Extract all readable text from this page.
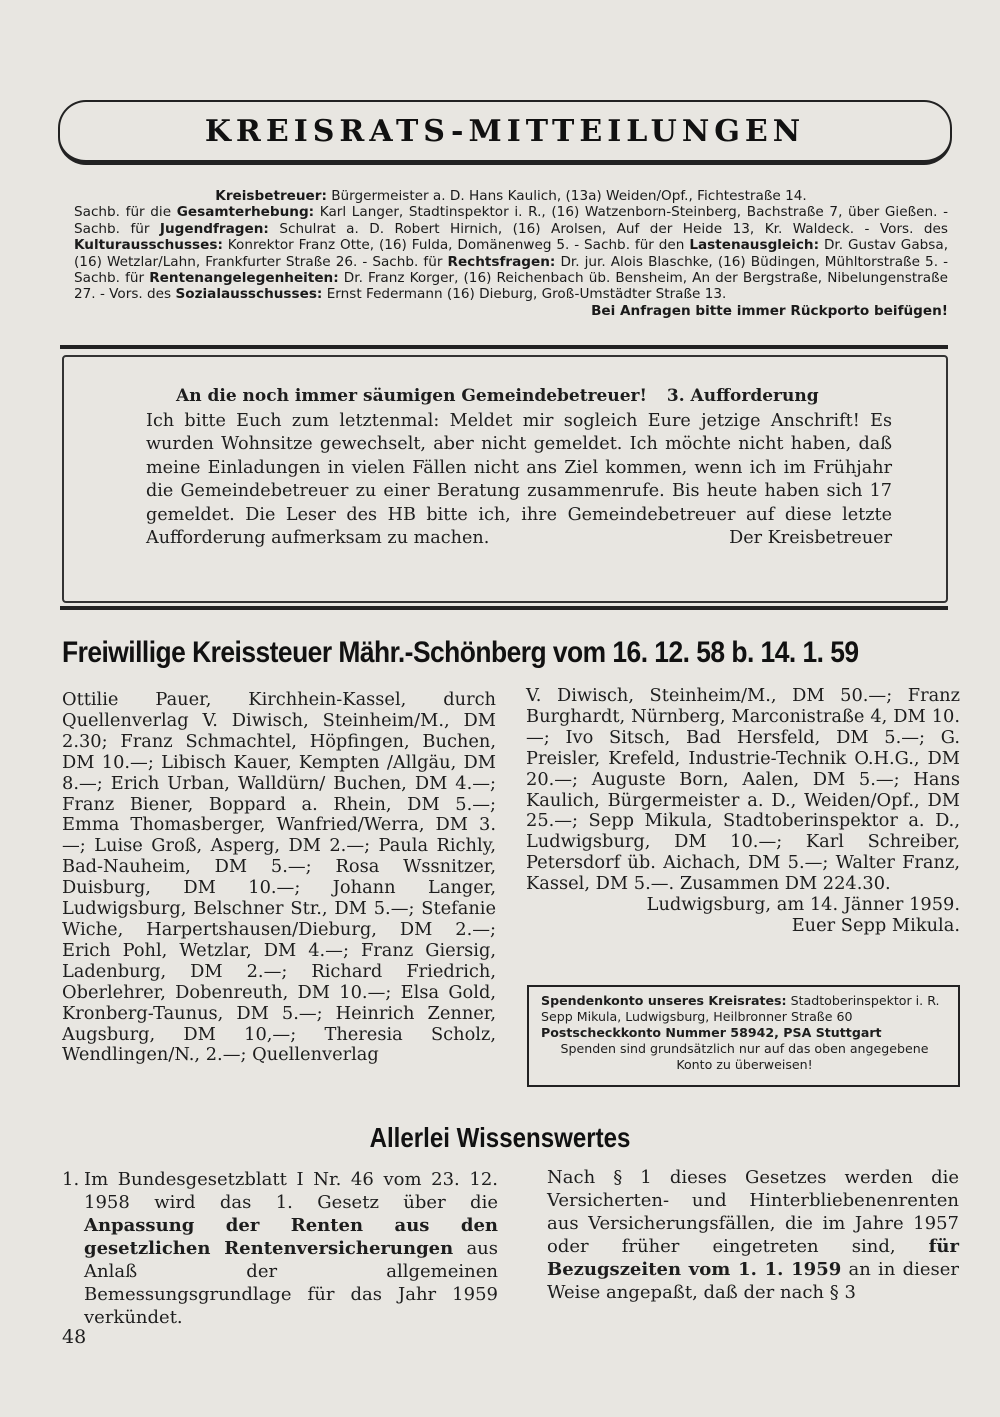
KREISRATS-MITTEILUNGEN
Kreisbetreuer: Bürgermeister a. D. Hans Kaulich, (13a) Weiden/Opf., Fichtestraße 14.
Sachb. für die Gesamterhebung: Karl Langer, Stadtinspektor i. R., (16) Watzenborn-Steinberg, Bachstraße 7, über Gießen. - Sachb. für Jugendfragen: Schulrat a. D. Robert Hirnich, (16) Arolsen, Auf der Heide 13, Kr. Waldeck. - Vors. des Kulturausschusses: Konrektor Franz Otte, (16) Fulda, Domänenweg 5. - Sachb. für den Lastenausgleich: Dr. Gustav Gabsa, (16) Wetzlar/Lahn, Frankfurter Straße 26. - Sachb. für Rechtsfragen: Dr. jur. Alois Blaschke, (16) Büdingen, Mühltorstraße 5. - Sachb. für Rentenangelegenheiten: Dr. Franz Korger, (16) Reichenbach üb. Bensheim, An der Bergstraße, Nibelungenstraße 27. - Vors. des Sozialausschusses: Ernst Federmann (16) Dieburg, Groß-Umstädter Straße 13.
Bei Anfragen bitte immer Rückporto beifügen!
An die noch immer säumigen Gemeindebetreuer! 3. Aufforderung
Ich bitte Euch zum letztenmal: Meldet mir sogleich Eure jetzige Anschrift! Es wurden Wohnsitze gewechselt, aber nicht gemeldet. Ich möchte nicht haben, daß meine Einladungen in vielen Fällen nicht ans Ziel kommen, wenn ich im Frühjahr die Gemeindebetreuer zu einer Beratung zusammenrufe. Bis heute haben sich 17 gemeldet. Die Leser des HB bitte ich, ihre Gemeindebetreuer auf diese letzte Aufforderung aufmerksam zu machen.	Der Kreisbetreuer
Freiwillige Kreissteuer Mähr.-Schönberg vom 16. 12. 58 b. 14. 1. 59
Ottilie Pauer, Kirchhein-Kassel, durch Quellenverlag V. Diwisch, Steinheim/M., DM 2.30; Franz Schmachtel, Höpfingen, Buchen, DM 10.—; Libisch Kauer, Kempten /Allgäu, DM 8.—; Erich Urban, Walldürn/ Buchen, DM 4.—; Franz Biener, Boppard a. Rhein, DM 5.—; Emma Thomasberger, Wanfried/Werra, DM 3.—; Luise Groß, Asperg, DM 2.—; Paula Richly, Bad-Nauheim, DM 5.—; Rosa Wssnitzer, Duisburg, DM 10.—; Johann Langer, Ludwigsburg, Belschner Str., DM 5.—; Stefanie Wiche, Harpertshausen/Dieburg, DM 2.—; Erich Pohl, Wetzlar, DM 4.—; Franz Giersig, Ladenburg, DM 2.—; Richard Friedrich, Oberlehrer, Dobenreuth, DM 10.—; Elsa Gold, Kronberg-Taunus, DM 5.—; Heinrich Zenner, Augsburg, DM 10,—; Theresia Scholz, Wendlingen/N., 2.—; Quellenverlag
V. Diwisch, Steinheim/M., DM 50.—; Franz Burghardt, Nürnberg, Marconistraße 4, DM 10.—; Ivo Sitsch, Bad Hersfeld, DM 5.—; G. Preisler, Krefeld, Industrie-Technik O.H.G., DM 20.—; Auguste Born, Aalen, DM 5.—; Hans Kaulich, Bürgermeister a. D., Weiden/Opf., DM 25.—; Sepp Mikula, Stadtoberinspektor a. D., Ludwigsburg, DM 10.—; Karl Schreiber, Petersdorf üb. Aichach, DM 5.—; Walter Franz, Kassel, DM 5.—. Zusammen DM 224.30.
Ludwigsburg, am 14. Jänner 1959.
Euer Sepp Mikula.
Spendenkonto unseres Kreisrates: Stadtoberinspektor i. R. Sepp Mikula, Ludwigsburg, Heilbronner Straße 60
Postscheckkonto Nummer 58942, PSA Stuttgart
Spenden sind grundsätzlich nur auf das oben angegebene Konto zu überweisen!
Allerlei Wissenswertes
1. Im Bundesgesetzblatt I Nr. 46 vom 23. 12. 1958 wird das 1. Gesetz über die Anpassung der Renten aus den gesetzlichen Rentenversicherungen aus Anlaß der allgemeinen Bemessungsgrundlage für das Jahr 1959 verkündet.
Nach § 1 dieses Gesetzes werden die Versicherten- und Hinterbliebenenrenten aus Versicherungsfällen, die im Jahre 1957 oder früher eingetreten sind, für Bezugszeiten vom 1. 1. 1959 an in dieser Weise angepaßt, daß der nach § 3
48
